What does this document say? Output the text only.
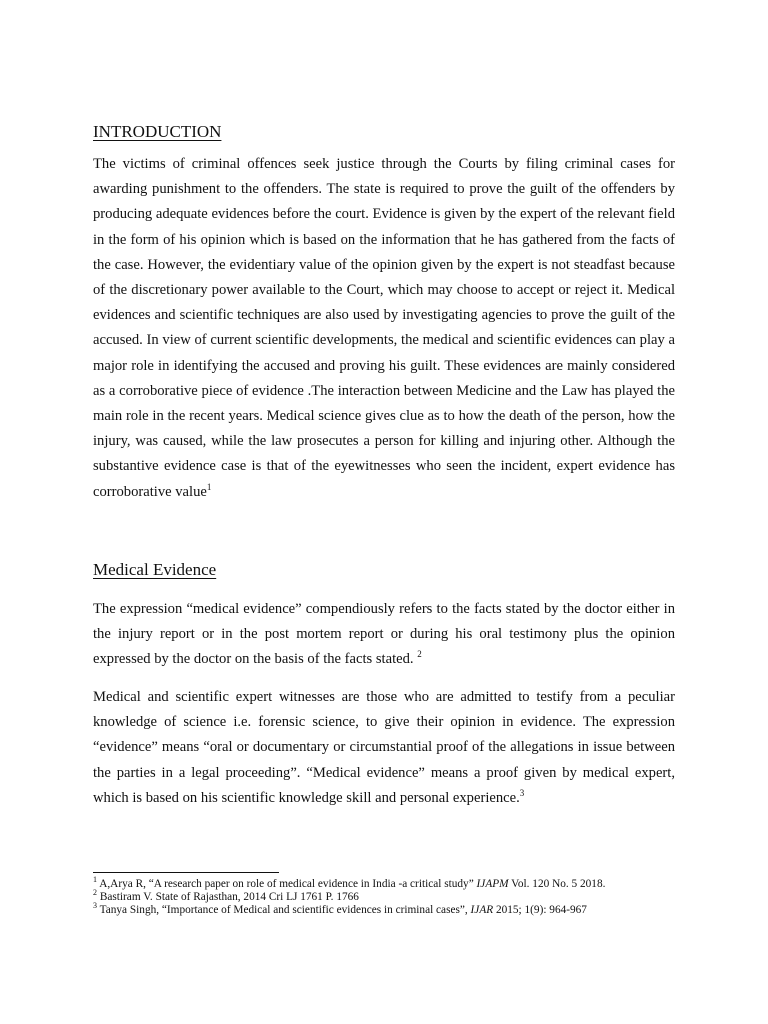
INTRODUCTION

The victims of criminal offences seek justice through the Courts by filing criminal cases for awarding punishment to the offenders. The state is required to prove the guilt of the offenders by producing adequate evidences before the court. Evidence is given by the expert of the relevant field in the form of his opinion which is based on the information that he has gathered from the facts of the case. However, the evidentiary value of the opinion given by the expert is not steadfast because of the discretionary power available to the Court, which may choose to accept or reject it. Medical evidences and scientific techniques are also used by investigating agencies to prove the guilt of the accused. In view of current scientific developments, the medical and scientific evidences can play a major role in identifying the accused and proving his guilt. These evidences are mainly considered as a corroborative piece of evidence .The interaction between Medicine and the Law has played the main role in the recent years. Medical science gives clue as to how the death of the person, how the injury, was caused, while the law prosecutes a person for killing and injuring other. Although the substantive evidence case is that of the eyewitnesses who seen the incident, expert evidence has corroborative value$^1$

Medical Evidence

The expression “medical evidence” compendiously refers to the facts stated by the doctor either in the injury report or in the post mortem report or during his oral testimony plus the opinion expressed by the doctor on the basis of the facts stated. $^2$

Medical and scientific expert witnesses are those who are admitted to testify from a peculiar knowledge of science i.e. forensic science, to give their opinion in evidence. The expression “evidence” means “oral or documentary or circumstantial proof of the allegations in issue between the parties in a legal proceeding”. “Medical evidence” means a proof given by medical expert, which is based on his scientific knowledge skill and personal experience.$^3$

$^1$ A,Arya R, “A research paper on role of medical evidence in India -a critical study” IJAPM Vol. 120 No. 5 2018.

$^2$ Bastiram V. State of Rajasthan, 2014 Cri LJ 1761 P. 1766

$^3$ Tanya Singh, “Importance of Medical and scientific evidences in criminal cases”, IJAR 2015; 1(9): 964-967
